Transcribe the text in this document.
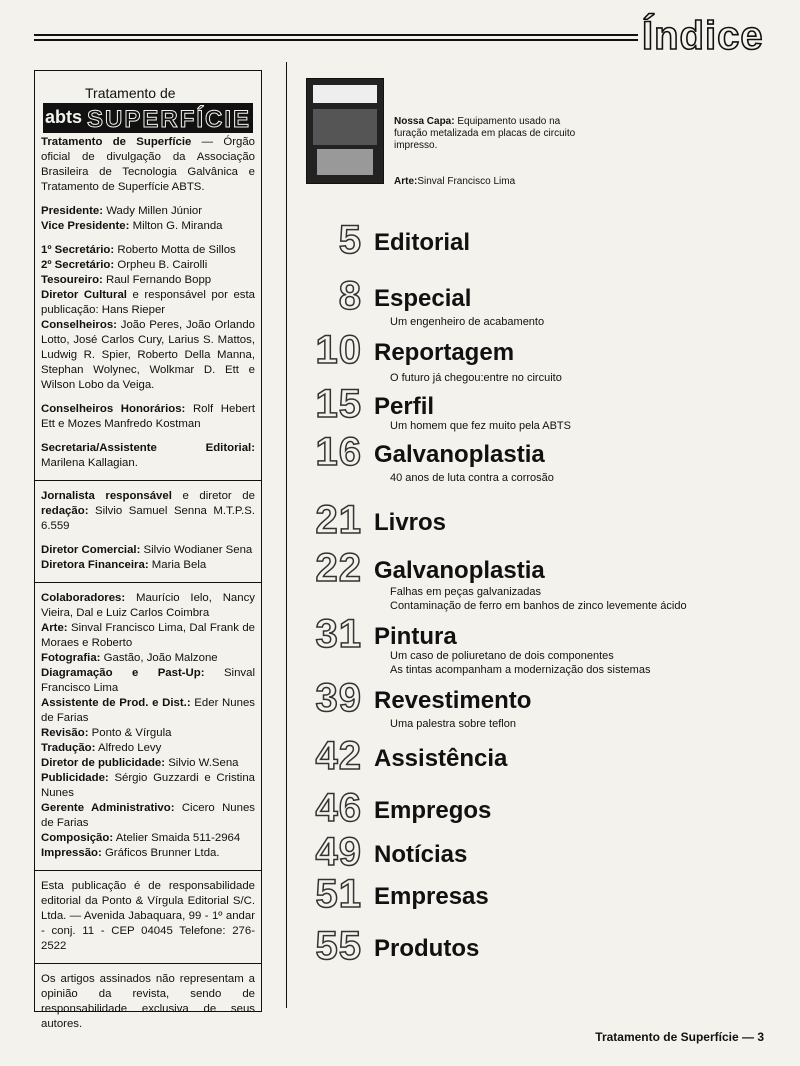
Índice
Tratamento de
abts SUPERFÍCIE

Tratamento de Superfície — Órgão oficial de divulgação da Associação Brasileira de Tecnologia Galvânica e Tratamento de Superfície ABTS.

Presidente: Wady Millen Júnior
Vice Presidente: Milton G. Miranda

1º Secretário: Roberto Motta de Sillos
2º Secretário: Orpheu B. Cairolli
Tesoureiro: Raul Fernando Bopp
Diretor Cultural e responsável por esta publicação: Hans Rieper
Conselheiros: João Peres, João Orlando Lotto, José Carlos Cury, Larius S. Mattos, Ludwig R. Spier, Roberto Della Manna, Stephan Wolynec, Wolkmar D. Ett e Wilson Lobo da Veiga.

Conselheiros Honorários: Rolf Hebert Ett e Mozes Manfredo Kostman

Secretaria/Assistente Editorial: Marilena Kallagian.

Jornalista responsável e diretor de redação: Silvio Samuel Senna M.T.P.S. 6.559

Diretor Comercial: Silvio Wodianer Sena
Diretora Financeira: Maria Bela

Colaboradores: Maurício Ielo, Nancy Vieira, Dal e Luiz Carlos Coimbra
Arte: Sinval Francisco Lima, Dal Frank de Moraes e Roberto
Fotografia: Gastão, João Malzone
Diagramação e Past-Up: Sinval Francisco Lima
Assistente de Prod. e Dist.: Eder Nunes de Farias
Revisão: Ponto & Vírgula
Tradução: Alfredo Levy
Diretor de publicidade: Silvio W.Sena
Publicidade: Sérgio Guzzardi e Cristina Nunes
Gerente Administrativo: Cicero Nunes de Farias
Composição: Atelier Smaida 511-2964
Impressão: Gráficos Brunner Ltda.

Esta publicação é de responsabilidade editorial da Ponto & Vírgula Editorial S/C. Ltda. — Avenida Jabaquara, 99 - 1º andar - conj. 11 - CEP 04045 Telefone: 276-2522

Os artigos assinados não representam a opinião da revista, sendo de responsabilidade exclusiva de seus autores.

Nossa Capa: Equipamento usado na furação metalizada em placas de circuito impresso.
Arte:Sinval Francisco Lima
5 Editorial
8 Especial
Um engenheiro de acabamento
10 Reportagem
O futuro já chegou:entre no circuito
15 Perfil
Um homem que fez muito pela ABTS
16 Galvanoplastia
40 anos de luta contra a corrosão
21 Livros
22 Galvanoplastia
Falhas em peças galvanizadas
Contaminação de ferro em banhos de zinco levemente ácido
31 Pintura
Um caso de poliuretano de dois componentes
As tintas acompanham a modernização dos sistemas
39 Revestimento
Uma palestra sobre teflon
42 Assistência
46 Empregos
49 Notícias
51 Empresas
55 Produtos
Tratamento de Superfície — 3
